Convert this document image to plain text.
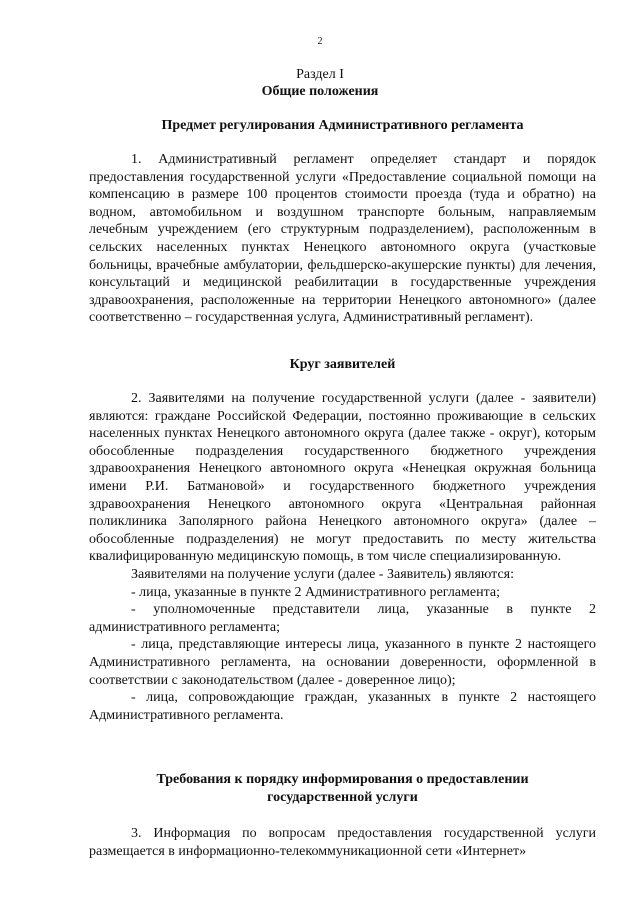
2
Раздел I
Общие положения
Предмет регулирования Административного регламента

1. Административный регламент определяет стандарт и порядок предоставления государственной услуги «Предоставление социальной помощи на компенсацию в размере 100 процентов стоимости проезда (туда и обратно) на водном, автомобильном и воздушном транспорте больным, направляемым лечебным учреждением (его структурным подразделением), расположенным в сельских населенных пунктах Ненецкого автономного округа (участковые больницы, врачебные амбулатории, фельдшерско-акушерские пункты) для лечения, консультаций и медицинской реабилитации в государственные учреждения здравоохранения, расположенные на территории Ненецкого автономного» (далее соответственно – государственная услуга, Административный регламент).

Круг заявителей

2. Заявителями на получение государственной услуги (далее - заявители) являются: граждане Российской Федерации, постоянно проживающие в сельских населенных пунктах Ненецкого автономного округа (далее также - округ), которым обособленные подразделения государственного бюджетного учреждения здравоохранения Ненецкого автономного округа «Ненецкая окружная больница имени Р.И. Батмановой» и государственного бюджетного учреждения здравоохранения Ненецкого автономного округа «Центральная районная поликлиника Заполярного района Ненецкого автономного округа» (далее – обособленные подразделения) не могут предоставить по месту жительства квалифицированную медицинскую помощь, в том числе специализированную.

Заявителями на получение услуги (далее - Заявитель) являются:

- лица, указанные в пункте 2 Административного регламента;

- уполномоченные представители лица, указанные в пункте 2 административного регламента;

- лица, представляющие интересы лица, указанного в пункте 2 настоящего Административного регламента, на основании доверенности, оформленной в соответствии с законодательством (далее - доверенное лицо);

- лица, сопровождающие граждан, указанных в пункте 2 настоящего Административного регламента.

Требования к порядку информирования о предоставлении
государственной услуги

3. Информация по вопросам предоставления государственной услуги размещается в информационно-телекоммуникационной сети «Интернет»
